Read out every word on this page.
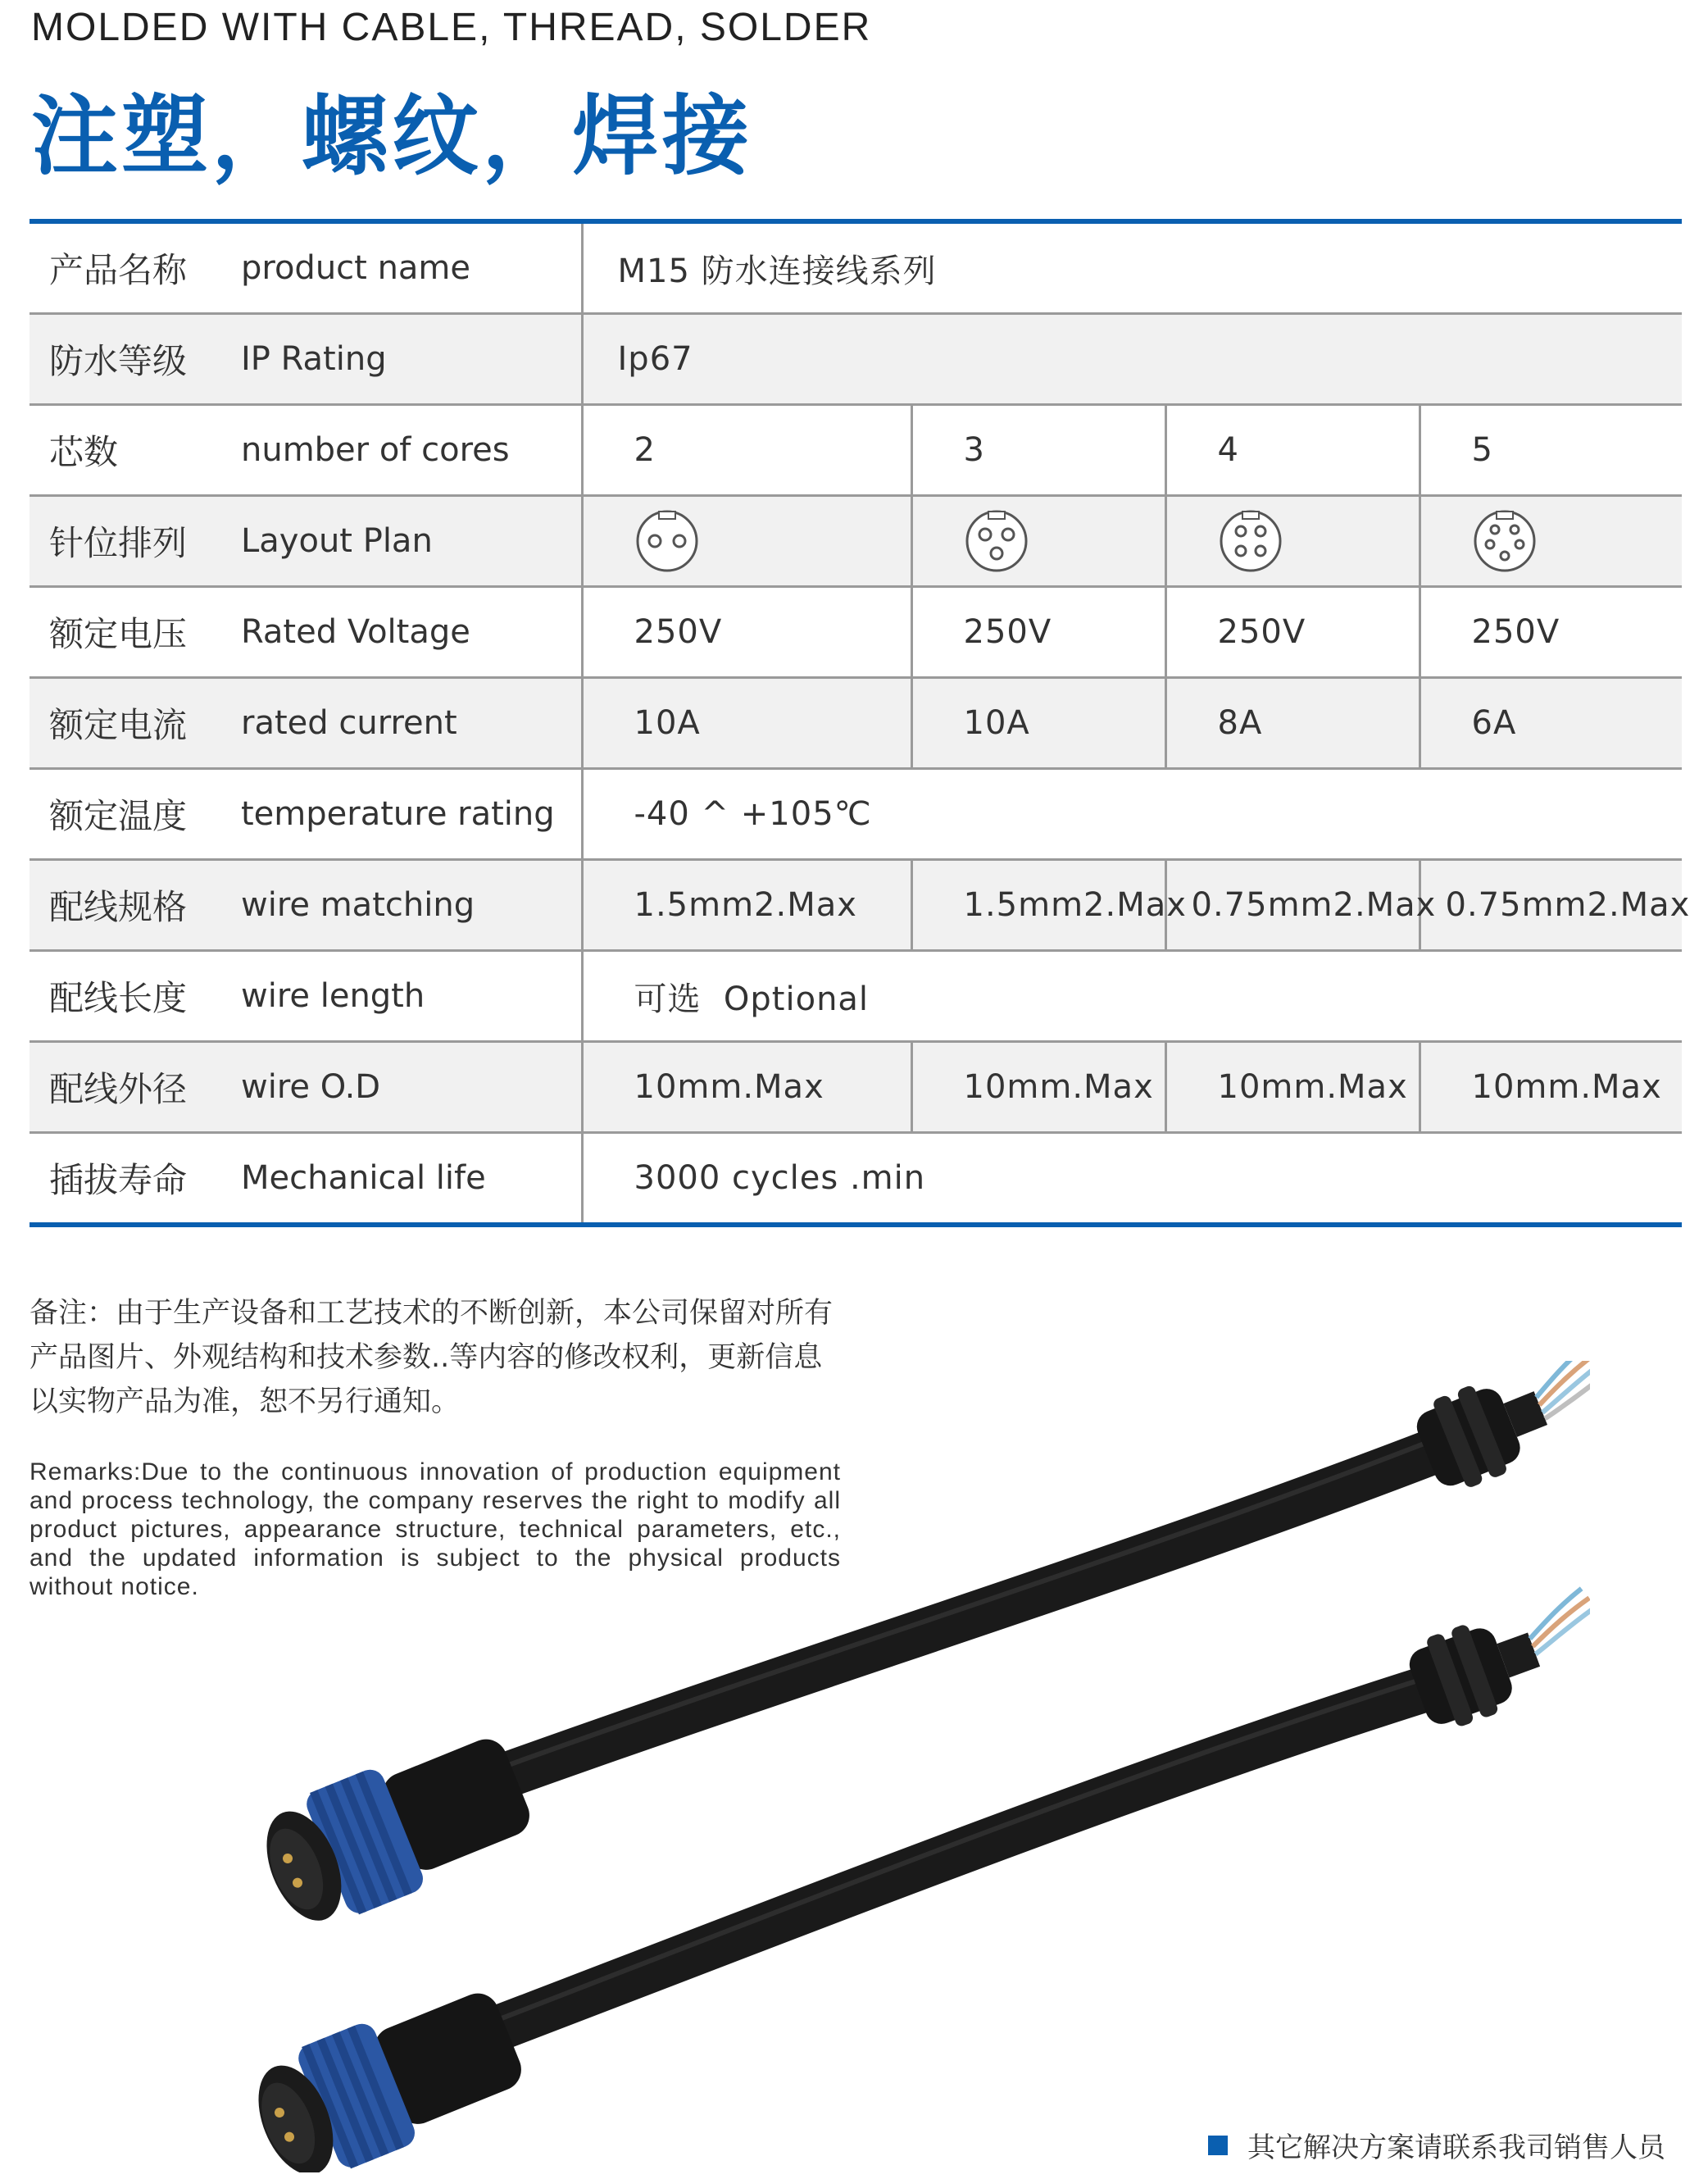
MOLDED WITH CABLE, THREAD, SOLDER
注塑，螺纹，焊接
产品名称	product name	M15 防水连接线系列			
防水等级	IP Rating	Ip67			
芯数	number of cores	2	3	4	5
针位排列	Layout Plan	

额定电压	Rated Voltage	250V	250V	250V	250V
额定电流	rated current	10A	10A	8A	6A
额定温度	temperature rating	-40 ^ +105℃			
配线规格	wire matching	1.5mm2.Max	1.5mm2.Max	0.75mm2.Max	0.75mm2.Max
配线长度	wire length	可选  Optional			
配线外径	wire O.D	10mm.Max	10mm.Max	10mm.Max	10mm.Max
插拔寿命	Mechanical life	3000 cycles .min			
备注：由于生产设备和工艺技术的不断创新，本公司保留对所有产品图片、外观结构和技术参数..等内容的修改权利，更新信息以实物产品为准，恕不另行通知。
Remarks:Due to the continuous innovation of production equipment and process technology, the company reserves the right to modify all product pictures, appearance structure, technical parameters, etc., and the updated information is subject to the physical products without notice.
其它解决方案请联系我司销售人员
